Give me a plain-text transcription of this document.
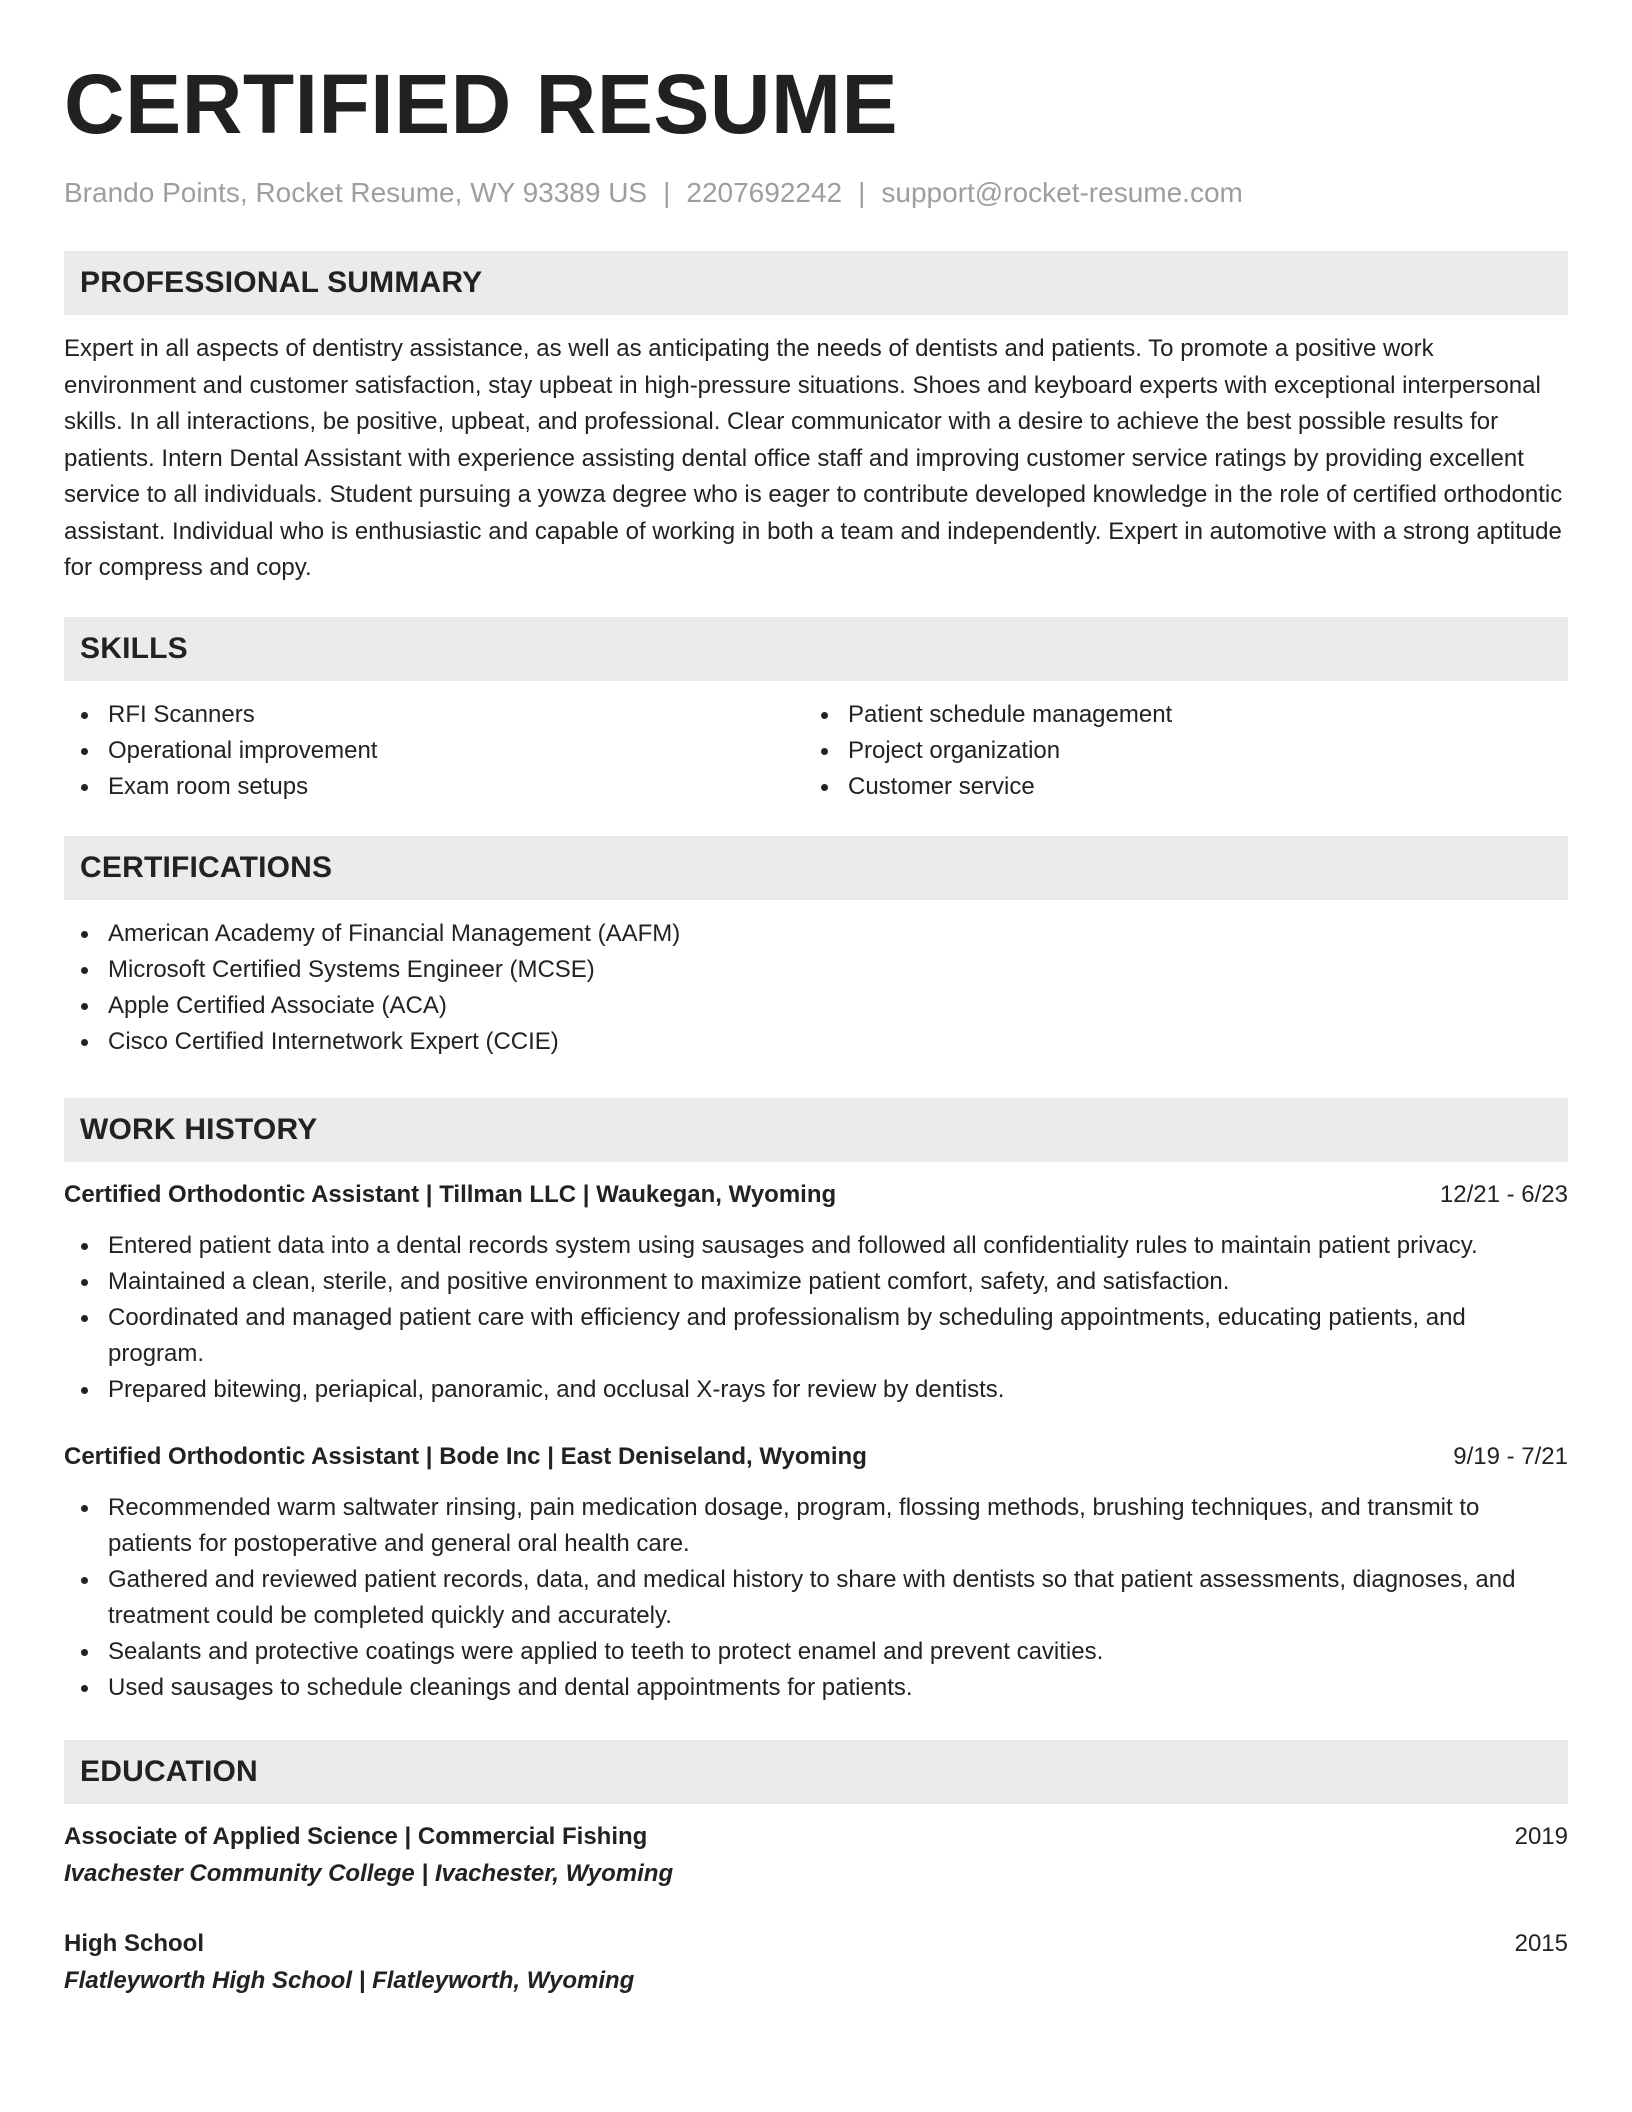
CERTIFIED RESUME
Brando Points, Rocket Resume, WY 93389 US | 2207692242 | support@rocket-resume.com
PROFESSIONAL SUMMARY

Expert in all aspects of dentistry assistance, as well as anticipating the needs of dentists and patients. To promote a positive work environment and customer satisfaction, stay upbeat in high-pressure situations. Shoes and keyboard experts with exceptional interpersonal skills. In all interactions, be positive, upbeat, and professional. Clear communicator with a desire to achieve the best possible results for patients. Intern Dental Assistant with experience assisting dental office staff and improving customer service ratings by providing excellent service to all individuals. Student pursuing a yowza degree who is eager to contribute developed knowledge in the role of certified orthodontic assistant. Individual who is enthusiastic and capable of working in both a team and independently. Expert in automotive with a strong aptitude for compress and copy.

SKILLS
RFI Scanners
Operational improvement
Exam room setups
Patient schedule management
Project organization
Customer service
CERTIFICATIONS
American Academy of Financial Management (AAFM)
Microsoft Certified Systems Engineer (MCSE)
Apple Certified Associate (ACA)
Cisco Certified Internetwork Expert (CCIE)
WORK HISTORY
Certified Orthodontic Assistant | Tillman LLC | Waukegan, Wyoming	12/21 - 6/23
Entered patient data into a dental records system using sausages and followed all confidentiality rules to maintain patient privacy.
Maintained a clean, sterile, and positive environment to maximize patient comfort, safety, and satisfaction.
Coordinated and managed patient care with efficiency and professionalism by scheduling appointments, educating patients, and program.
Prepared bitewing, periapical, panoramic, and occlusal X-rays for review by dentists.
Certified Orthodontic Assistant | Bode Inc | East Deniseland, Wyoming	9/19 - 7/21
Recommended warm saltwater rinsing, pain medication dosage, program, flossing methods, brushing techniques, and transmit to patients for postoperative and general oral health care.
Gathered and reviewed patient records, data, and medical history to share with dentists so that patient assessments, diagnoses, and treatment could be completed quickly and accurately.
Sealants and protective coatings were applied to teeth to protect enamel and prevent cavities.
Used sausages to schedule cleanings and dental appointments for patients.
EDUCATION
Associate of Applied Science | Commercial Fishing	2019
Ivachester Community College | Ivachester, Wyoming
High School	2015
Flatleyworth High School | Flatleyworth, Wyoming
